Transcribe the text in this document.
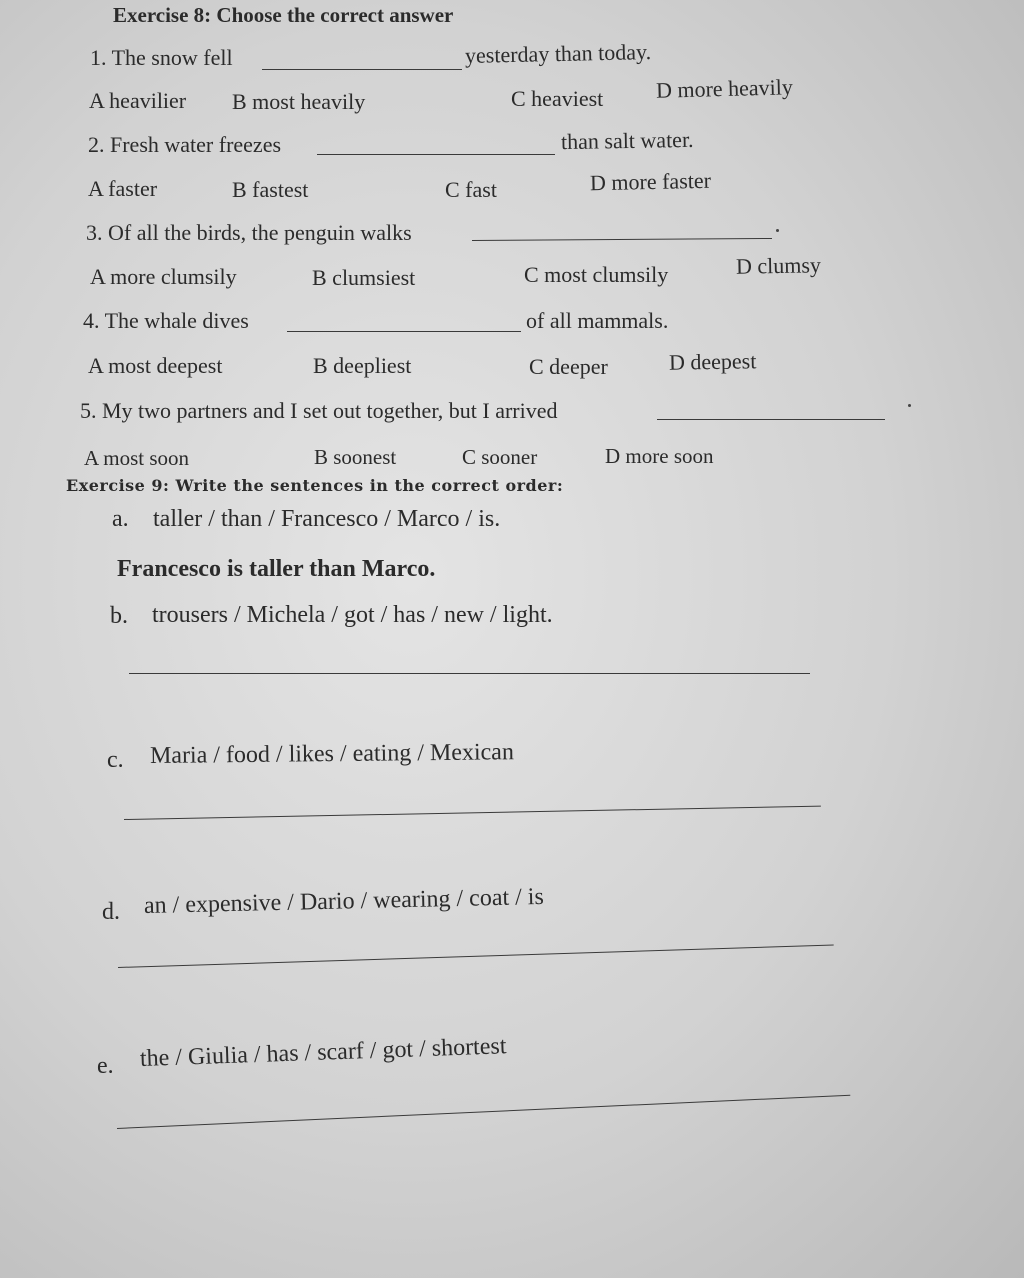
Exercise 8: Choose the correct answer
1. The snow fell	yesterday than today.
A heavilier B most heavily	C heaviest D more heavily
2. Fresh water freezes	than salt water.
A faster	B fastest	C fast	D more faster
3. Of all the birds, the penguin walks
A more clumsily	B clumsiest	C most clumsily	D clumsy
4. The whale dives	of all mammals.
A most deepest	B deepliest	C deeper	D deepest
5. My two partners and I set out together, but I arrived
A most soon	B soonest	C sooner	D more soon
Exercise 9: Write the sentences in the correct order:
a. taller / than / Francesco / Marco / is.
Francesco is taller than Marco.
b. trousers / Michela / got / has / new / light.
c. Maria / food / likes / eating / Mexican
d. an / expensive / Dario / wearing / coat / is
e. the / Giulia / has / scarf / got / shortest
